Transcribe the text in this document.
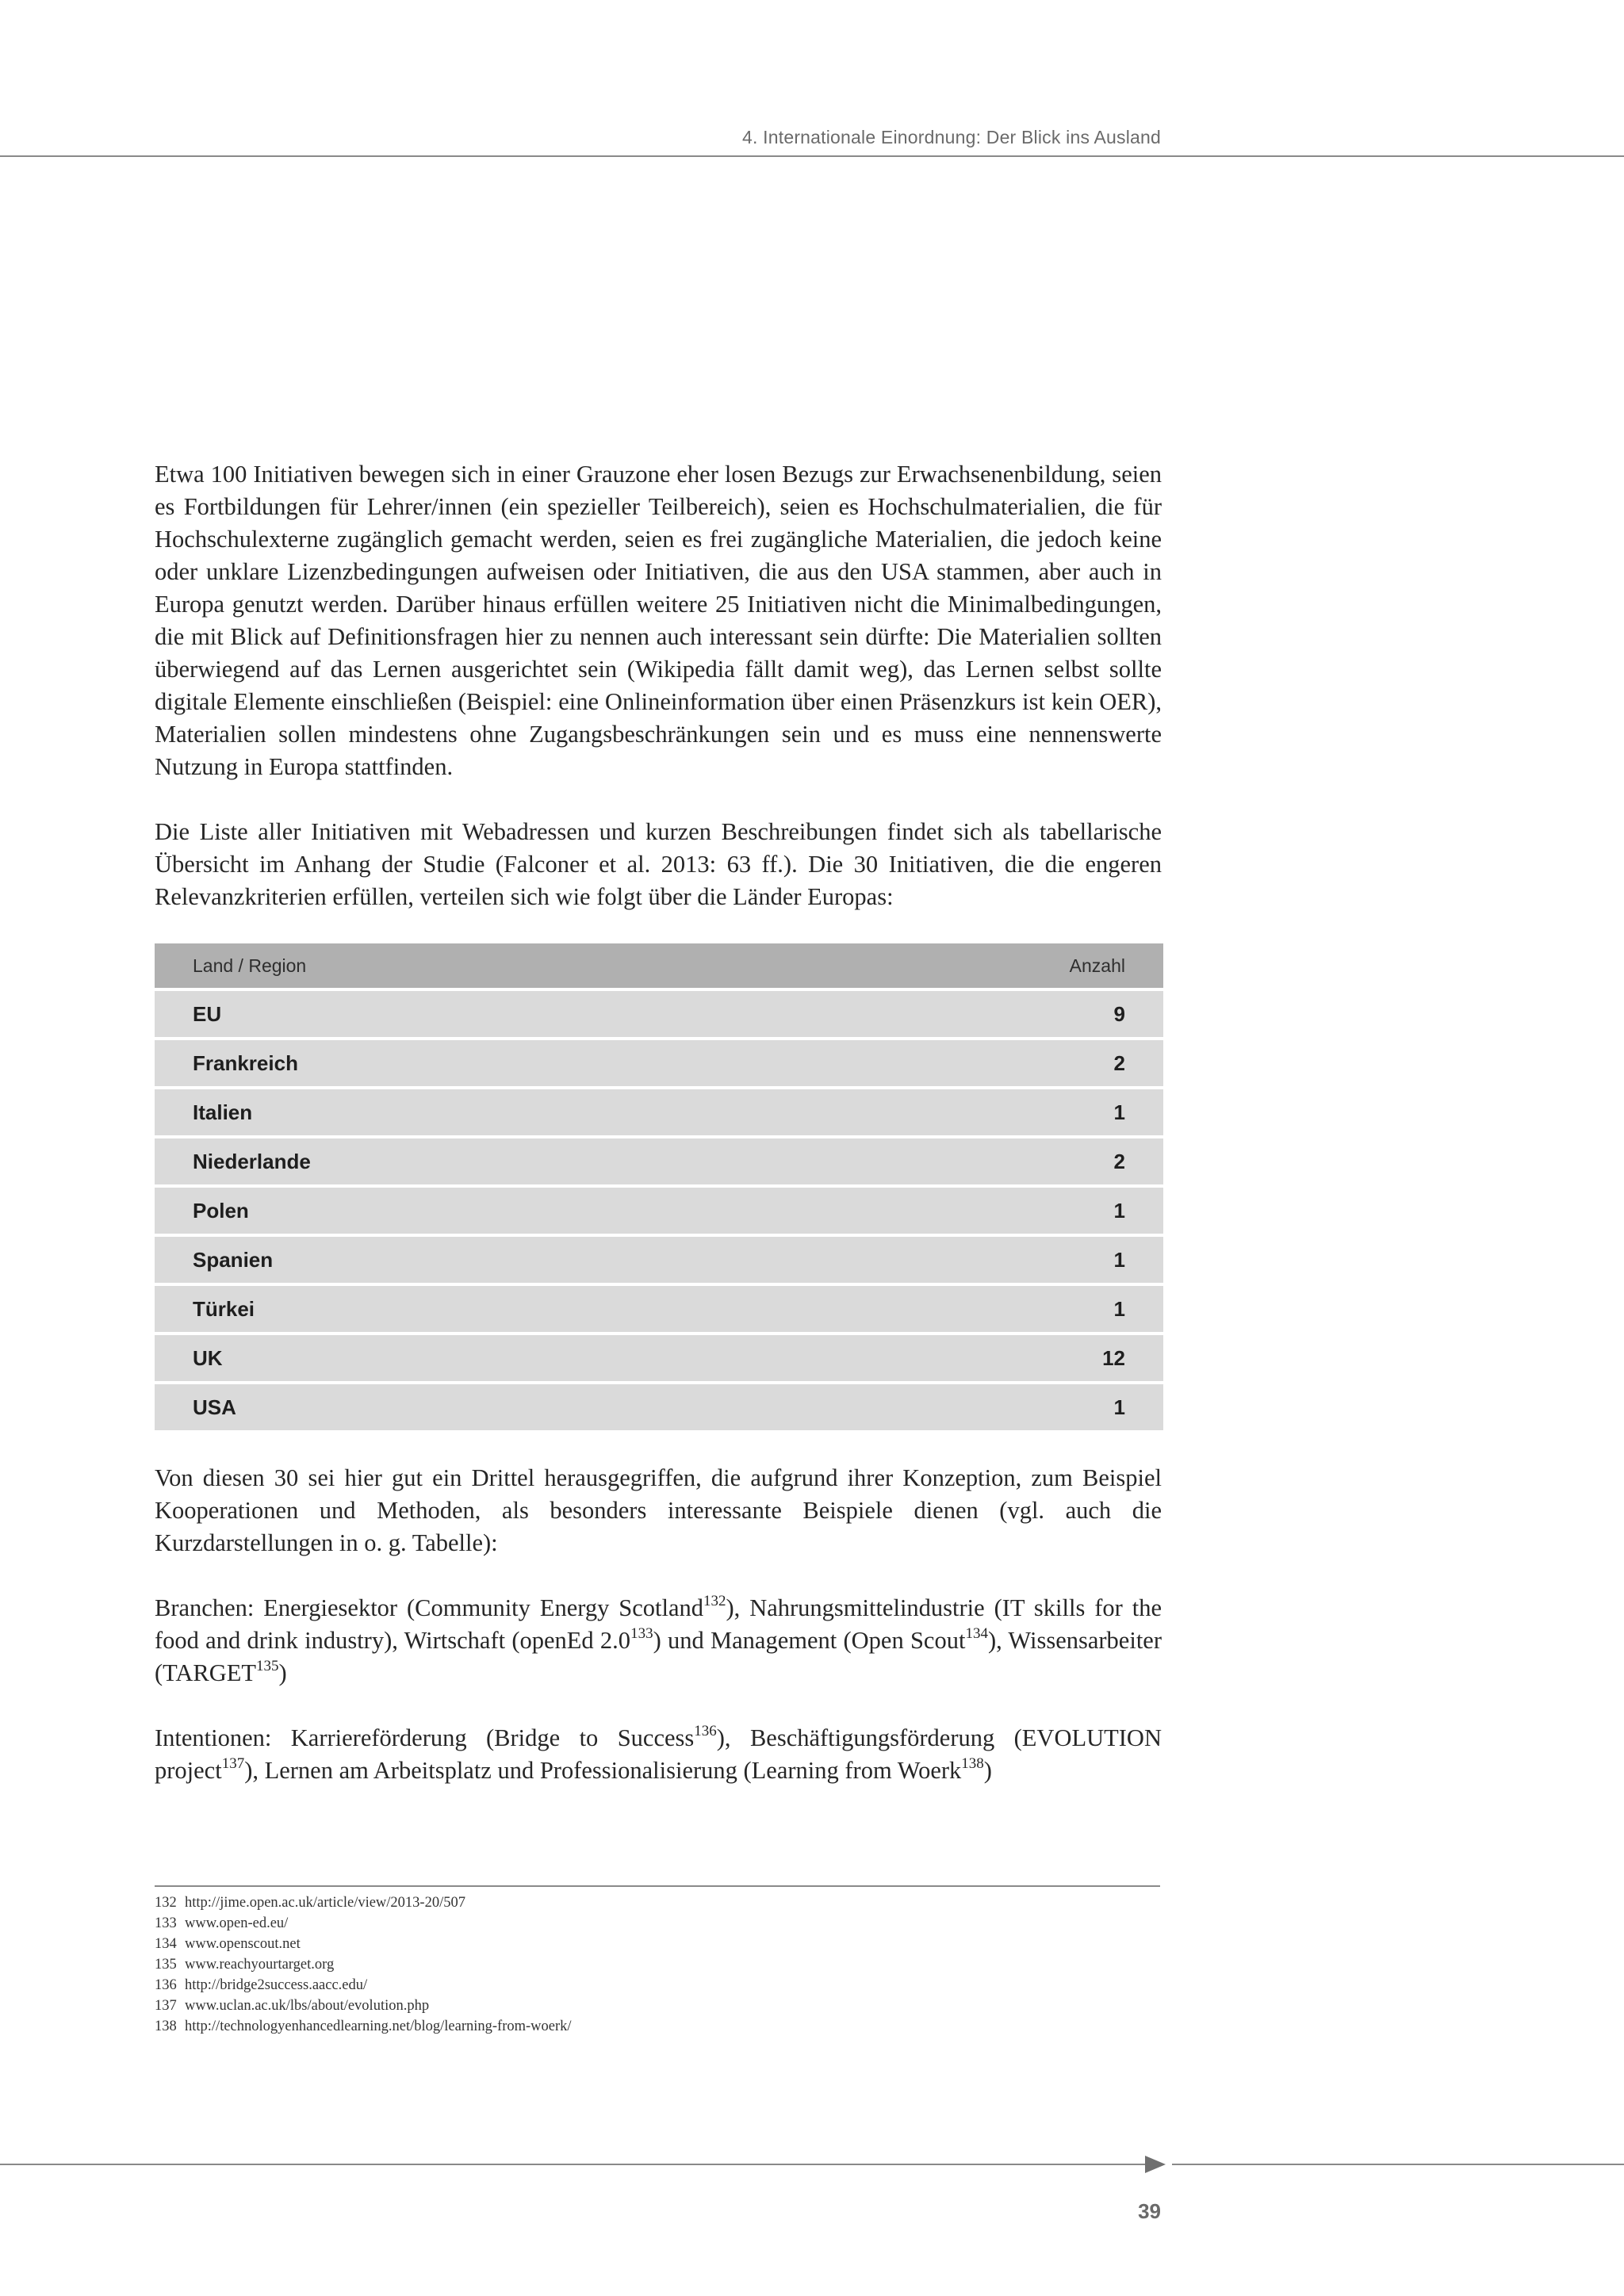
4. Internationale Einordnung: Der Blick ins Ausland

Etwa 100 Initiativen bewegen sich in einer Grauzone eher losen Bezugs zur Erwachsenenbildung, seien es Fortbildungen für Lehrer/innen (ein spezieller Teilbereich), seien es Hochschulmaterialien, die für Hochschulexterne zugänglich gemacht werden, seien es frei zugängliche Materialien, die jedoch keine oder unklare Lizenzbedingungen aufweisen oder Initiativen, die aus den USA stammen, aber auch in Europa genutzt werden. Darüber hinaus erfüllen weitere 25 Initiativen nicht die Minimalbedingungen, die mit Blick auf Definitionsfragen hier zu nennen auch interessant sein dürfte: Die Materialien sollten überwiegend auf das Lernen ausgerichtet sein (Wikipedia fällt damit weg), das Lernen selbst sollte digitale Elemente einschließen (Beispiel: eine Onlineinformation über einen Präsenzkurs ist kein OER), Materialien sollen mindestens ohne Zugangsbeschränkungen sein und es muss eine nennenswerte Nutzung in Europa stattfinden.

Die Liste aller Initiativen mit Webadressen und kurzen Beschreibungen findet sich als tabellarische Übersicht im Anhang der Studie (Falconer et al. 2013: 63 ff.). Die 30 Initiativen, die die engeren Relevanzkriterien erfüllen, verteilen sich wie folgt über die Länder Europas:

Land / Region	Anzahl
EU	9
Frankreich	2
Italien	1
Niederlande	2
Polen	1
Spanien	1
Türkei	1
UK	12
USA	1

Von diesen 30 sei hier gut ein Drittel herausgegriffen, die aufgrund ihrer Konzeption, zum Beispiel Kooperationen und Methoden, als besonders interessante Beispiele dienen (vgl. auch die Kurzdarstellungen in o. g. Tabelle):

Branchen: Energiesektor (Community Energy Scotland$^{132}$), Nahrungsmittelindustrie (IT skills for the food and drink industry), Wirtschaft (openEd $2.0^{133}$) und Management (Open Scout$^{134}$), Wissensarbeiter (TARGET$^{135}$)

Intentionen: Karriereförderung (Bridge to Success$^{136}$), Beschäftigungsförderung (EVOLUTION project$^{137}$), Lernen am Arbeitsplatz und Professionalisierung (Learning from Woerk$^{138}$)

132 http://jime.open.ac.uk/article/view/2013-20/507
133 www.open-ed.eu/
134 www.openscout.net
135 www.reachyourtarget.org
136 http://bridge2success.aacc.edu/
137 www.uclan.ac.uk/lbs/about/evolution.php
138 http://technologyenhancedlearning.net/blog/learning-from-woerk/
39
